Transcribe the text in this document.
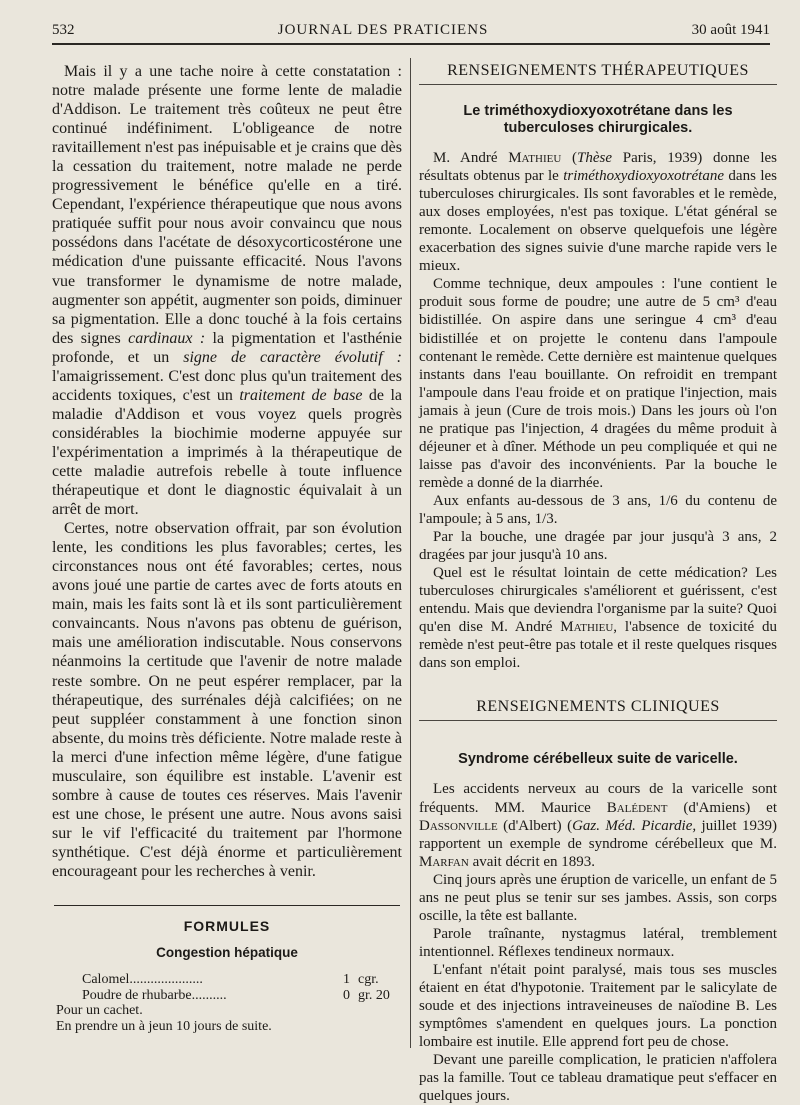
532	JOURNAL DES PRATICIENS	30 août 1941

Mais il y a une tache noire à cette constatation : notre malade présente une forme lente de maladie d'Addison. Le traitement très coûteux ne peut être continué indéfiniment. L'obligeance de notre ravitaillement n'est pas inépuisable et je crains que dès la cessation du traitement, notre malade ne perde progressivement le bénéfice qu'elle en a tiré. Cependant, l'expérience thérapeutique que nous avons pratiquée suffit pour nous avoir convaincu que nous possédons dans l'acétate de désoxycorticostérone une médication d'une puissante efficacité. Nous l'avons vue transformer le dynamisme de notre malade, augmenter son appétit, augmenter son poids, diminuer sa pigmentation. Elle a donc touché à la fois certains des signes cardinaux : la pigmentation et l'asthénie profonde, et un signe de caractère évolutif : l'amaigrissement. C'est donc plus qu'un traitement des accidents toxiques, c'est un traitement de base de la maladie d'Addison et vous voyez quels progrès considérables la biochimie moderne appuyée sur l'expérimentation a imprimés à la thérapeutique de cette maladie autrefois rebelle à toute influence thérapeutique et dont le diagnostic équivalait à un arrêt de mort.

Certes, notre observation offrait, par son évolution lente, les conditions les plus favorables; certes, les circonstances nous ont été favorables; certes, nous avons joué une partie de cartes avec de forts atouts en main, mais les faits sont là et ils sont particulièrement convaincants. Nous n'avons pas obtenu de guérison, mais une amélioration indiscutable. Nous conservons néanmoins la certitude que l'avenir de notre malade reste sombre. On ne peut espérer remplacer, par la thérapeutique, des surrénales déjà calcifiées; on ne peut suppléer constamment à une fonction sinon absente, du moins très déficiente. Notre malade reste à la merci d'une infection même légère, d'une fatigue musculaire, son équilibre est instable. L'avenir est sombre à cause de toutes ces réserves. Mais l'avenir est une chose, le présent une autre. Nous avons saisi sur le vif l'efficacité du traitement par l'hormone synthétique. C'est déjà énorme et particulièrement encourageant pour les recherches à venir.

FORMULES
Congestion hépatique
Calomel.....................	1 cgr.
Poudre de rhubarbe..........	0 gr. 20
Pour un cachet.
En prendre un à jeun 10 jours de suite.
RENSEIGNEMENTS THÉRAPEUTIQUES
Le triméthoxydioxyoxotrétane dans les tuberculoses chirurgicales.

M. André Mathieu (Thèse Paris, 1939) donne les résultats obtenus par le triméthoxydioxyoxotrétane dans les tuberculoses chirurgicales. Ils sont favorables et le remède, aux doses employées, n'est pas toxique. L'état général se remonte. Localement on observe quelquefois une légère exacerbation des signes suivie d'une marche rapide vers le mieux.

Comme technique, deux ampoules : l'une contient le produit sous forme de poudre; une autre de 5 cm³ d'eau bidistillée. On aspire dans une seringue 4 cm³ d'eau bidistillée et on projette le contenu dans l'ampoule contenant le remède. Cette dernière est maintenue quelques instants dans l'eau bouillante. On refroidit en trempant l'ampoule dans l'eau froide et on pratique l'injection, mais jamais à jeun (Cure de trois mois.) Dans les jours où l'on ne pratique pas l'injection, 4 dragées du même produit à déjeuner et à dîner. Méthode un peu compliquée et qui ne laisse pas d'avoir des inconvénients. Par la bouche le remède a donné de la diarrhée.

Aux enfants au-dessous de 3 ans, 1/6 du contenu de l'ampoule; à 5 ans, 1/3.

Par la bouche, une dragée par jour jusqu'à 3 ans, 2 dragées par jour jusqu'à 10 ans.

Quel est le résultat lointain de cette médication? Les tuberculoses chirurgicales s'améliorent et guérissent, c'est entendu. Mais que deviendra l'organisme par la suite? Quoi qu'en dise M. André Mathieu, l'absence de toxicité du remède n'est peut-être pas totale et il reste quelques risques dans son emploi.

RENSEIGNEMENTS CLINIQUES
Syndrome cérébelleux suite de varicelle.

Les accidents nerveux au cours de la varicelle sont fréquents. MM. Maurice Balédent (d'Amiens) et Dassonville (d'Albert) (Gaz. Méd. Picardie, juillet 1939) rapportent un exemple de syndrome cérébelleux que M. Marfan avait décrit en 1893.

Cinq jours après une éruption de varicelle, un enfant de 5 ans ne peut plus se tenir sur ses jambes. Assis, son corps oscille, la tête est ballante.

Parole traînante, nystagmus latéral, tremblement intentionnel. Réflexes tendineux normaux.

L'enfant n'était point paralysé, mais tous ses muscles étaient en état d'hypotonie. Traitement par le salicylate de soude et des injections intraveineuses de naïodine B. Les symptômes s'amendent en quelques jours. La ponction lombaire est inutile. Elle apprend fort peu de chose.

Devant une pareille complication, le praticien n'affolera pas la famille. Tout ce tableau dramatique peut s'effacer en quelques jours.
